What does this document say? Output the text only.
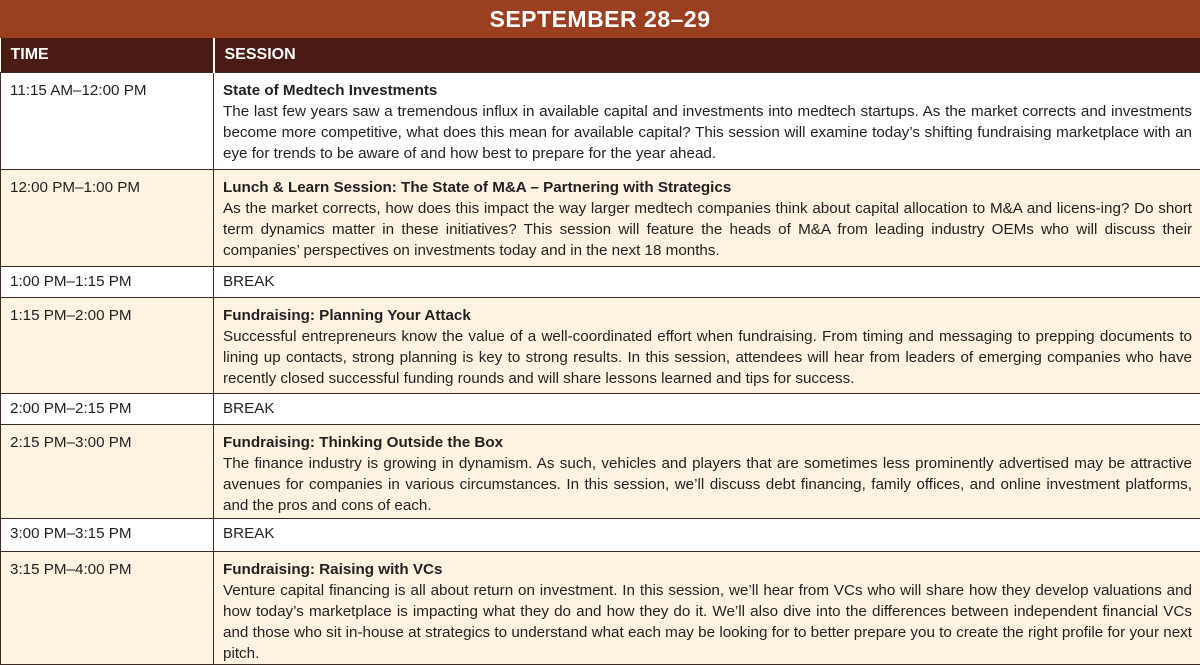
SEPTEMBER 28–29
TIME	SESSION
11:15 AM–12:00 PM	State of Medtech Investments
The last few years saw a tremendous influx in available capital and investments into medtech startups. As the market corrects and investments become more competitive, what does this mean for available capital? This session will examine today’s shifting fundraising marketplace with an eye for trends to be aware of and how best to prepare for the year ahead.

12:00 PM–1:00 PM	Lunch & Learn Session: The State of M&A – Partnering with Strategics
As the market corrects, how does this impact the way larger medtech companies think about capital allocation to M&A and licens-ing? Do short term dynamics matter in these initiatives? This session will feature the heads of M&A from leading industry OEMs who will discuss their companies’ perspectives on investments today and in the next 18 months.

1:00 PM–1:15 PM	BREAK
1:15 PM–2:00 PM	Fundraising: Planning Your Attack
Successful entrepreneurs know the value of a well-coordinated effort when fundraising. From timing and messaging to prepping documents to lining up contacts, strong planning is key to strong results. In this session, attendees will hear from leaders of emerging companies who have recently closed successful funding rounds and will share lessons learned and tips for success.

2:00 PM–2:15 PM	BREAK
2:15 PM–3:00 PM	Fundraising: Thinking Outside the Box
The finance industry is growing in dynamism. As such, vehicles and players that are sometimes less prominently advertised may be attractive avenues for companies in various circumstances. In this session, we’ll discuss debt financing, family offices, and online investment platforms, and the pros and cons of each.

3:00 PM–3:15 PM	BREAK
3:15 PM–4:00 PM	Fundraising: Raising with VCs
Venture capital financing is all about return on investment. In this session, we’ll hear from VCs who will share how they develop valuations and how today’s marketplace is impacting what they do and how they do it. We’ll also dive into the differences between independent financial VCs and those who sit in-house at strategics to understand what each may be looking for to better prepare you to create the right profile for your next pitch.
